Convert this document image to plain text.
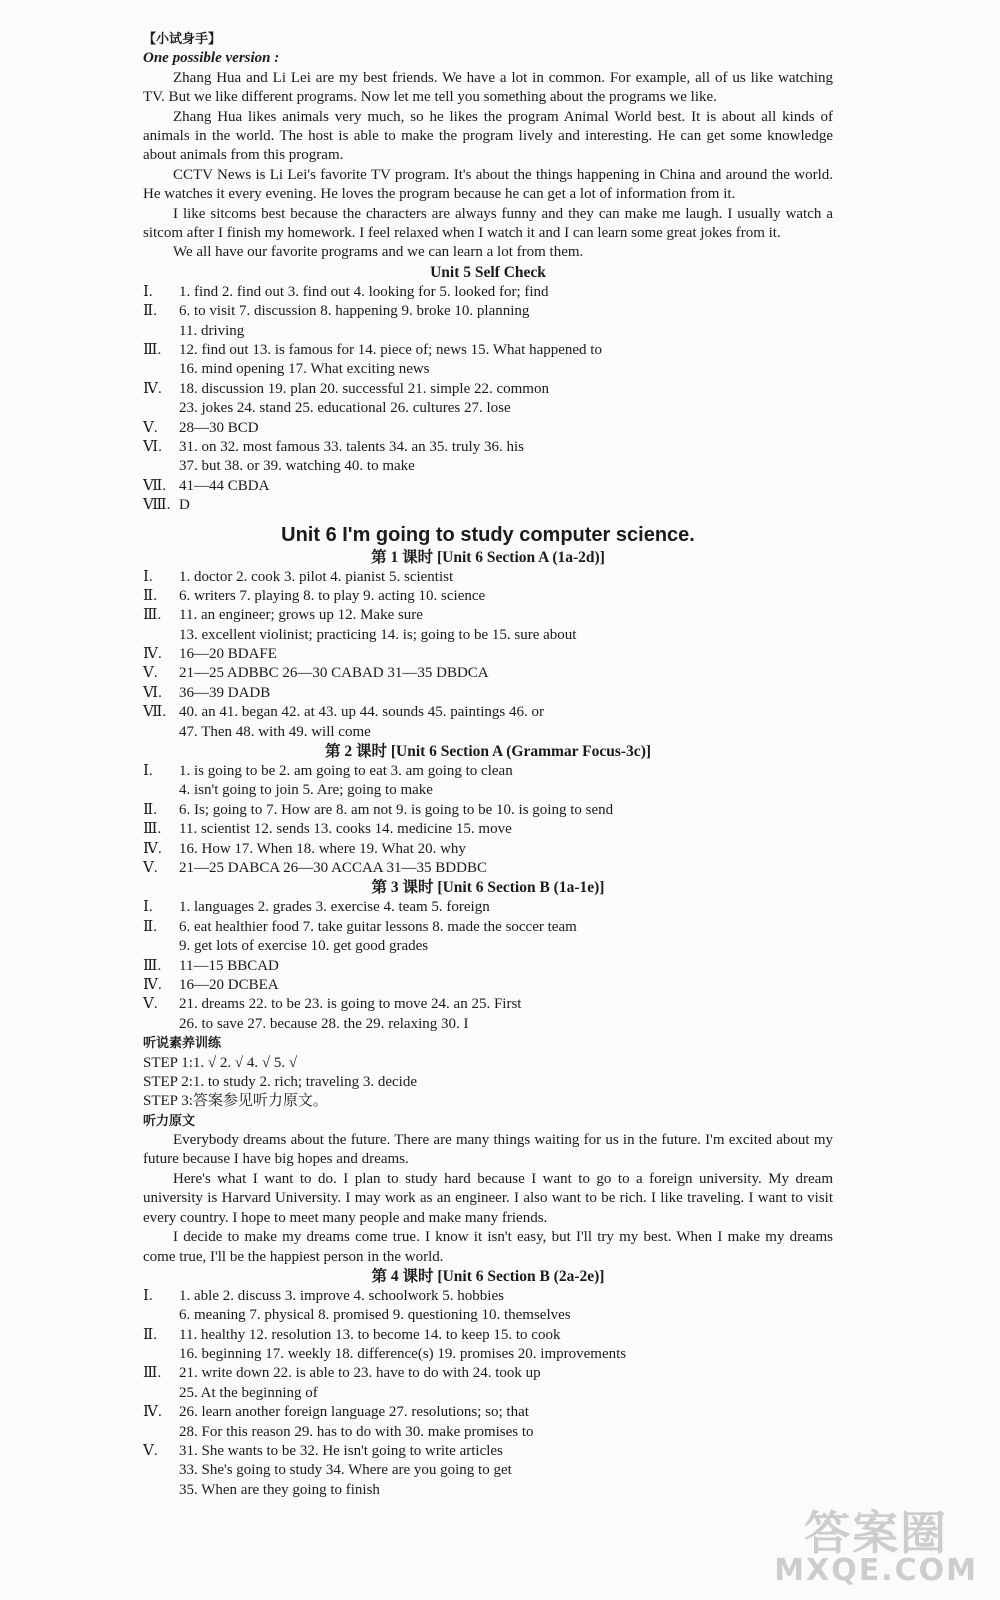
【小试身手】
One possible version :

Zhang Hua and Li Lei are my best friends. We have a lot in common. For example, all of us like watching TV. But we like different programs. Now let me tell you something about the programs we like.

Zhang Hua likes animals very much, so he likes the program Animal World best. It is about all kinds of animals in the world. The host is able to make the program lively and interesting. He can get some knowledge about animals from this program.

CCTV News is Li Lei's favorite TV program. It's about the things happening in China and around the world. He watches it every evening. He loves the program because he can get a lot of information from it.

I like sitcoms best because the characters are always funny and they can make me laugh. I usually watch a sitcom after I finish my homework. I feel relaxed when I watch it and I can learn some great jokes from it.

We all have our favorite programs and we can learn a lot from them.

Unit 5 Self Check
Ⅰ.	1. find 2. find out 3. find out 4. looking for 5. looked for; find
Ⅱ.	6. to visit 7. discussion 8. happening 9. broke 10. planning
11. driving
Ⅲ.	12. find out 13. is famous for 14. piece of; news 15. What happened to
16. mind opening 17. What exciting news
Ⅳ.	18. discussion 19. plan 20. successful 21. simple 22. common
23. jokes 24. stand 25. educational 26. cultures 27. lose
Ⅴ.	28—30 BCD
Ⅵ.	31. on 32. most famous 33. talents 34. an 35. truly 36. his
37. but 38. or 39. watching 40. to make
Ⅶ. 41—44 CBDA
Ⅷ. D
Unit 6 I'm going to study computer science.
第 1 课时 [Unit 6 Section A (1a-2d)]
Ⅰ.	1. doctor 2. cook 3. pilot 4. pianist 5. scientist
Ⅱ.	6. writers 7. playing 8. to play 9. acting 10. science
Ⅲ.	11. an engineer; grows up 12. Make sure
13. excellent violinist; practicing 14. is; going to be 15. sure about
Ⅳ.	16—20 BDAFE
Ⅴ.	21—25 ADBBC 26—30 CABAD 31—35 DBDCA
Ⅵ.	36—39 DADB
Ⅶ. 40. an 41. began 42. at 43. up 44. sounds 45. paintings 46. or
47. Then 48. with 49. will come
第 2 课时 [Unit 6 Section A (Grammar Focus-3c)]
Ⅰ.	1. is going to be 2. am going to eat 3. am going to clean
4. isn't going to join 5. Are; going to make
Ⅱ.	6. Is; going to 7. How are 8. am not 9. is going to be 10. is going to send
Ⅲ.	11. scientist 12. sends 13. cooks 14. medicine 15. move
Ⅳ.	16. How 17. When 18. where 19. What 20. why
Ⅴ.	21—25 DABCA 26—30 ACCAA 31—35 BDDBC
第 3 课时 [Unit 6 Section B (1a-1e)]
Ⅰ.	1. languages 2. grades 3. exercise 4. team 5. foreign
Ⅱ.	6. eat healthier food 7. take guitar lessons 8. made the soccer team
9. get lots of exercise 10. get good grades
Ⅲ.	11—15 BBCAD
Ⅳ.	16—20 DCBEA
Ⅴ.	21. dreams 22. to be 23. is going to move 24. an 25. First
26. to save 27. because 28. the 29. relaxing 30. I
听说素养训练
STEP 1:1. √ 2. √ 4. √ 5. √
STEP 2:1. to study 2. rich; traveling 3. decide
STEP 3:答案参见听力原文。
听力原文

Everybody dreams about the future. There are many things waiting for us in the future. I'm excited about my future because I have big hopes and dreams.

Here's what I want to do. I plan to study hard because I want to go to a foreign university. My dream university is Harvard University. I may work as an engineer. I also want to be rich. I like traveling. I want to visit every country. I hope to meet many people and make many friends.

I decide to make my dreams come true. I know it isn't easy, but I'll try my best. When I make my dreams come true, I'll be the happiest person in the world.

第 4 课时 [Unit 6 Section B (2a-2e)]
Ⅰ.	1. able 2. discuss 3. improve 4. schoolwork 5. hobbies
6. meaning 7. physical 8. promised 9. questioning 10. themselves
Ⅱ.	11. healthy 12. resolution 13. to become 14. to keep 15. to cook
16. beginning 17. weekly 18. difference(s) 19. promises 20. improvements
Ⅲ.	21. write down 22. is able to 23. have to do with 24. took up
25. At the beginning of
Ⅳ.	26. learn another foreign language 27. resolutions; so; that
28. For this reason 29. has to do with 30. make promises to
Ⅴ.	31. She wants to be 32. He isn't going to write articles
33. She's going to study 34. Where are you going to get
35. When are they going to finish
答案圈
MXQE.COM
